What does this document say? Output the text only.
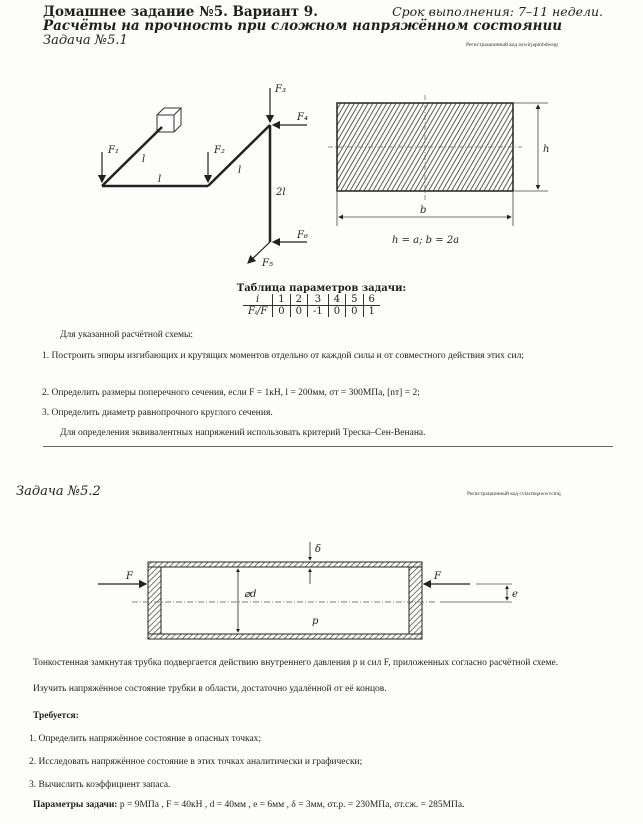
Домашнее задание №5. Вариант 9.	Срок выполнения: 7–11 недели.
Расчёты на прочность при сложном напряжённом состоянии
Задача №5.1	Регистрационный код axwirjapmbdwegr
F₁	F₂
F₃
F₄
F₅
F₆
l
l
l
2l
h
b
h = a; b = 2a
Таблица параметров задачи:
i	1	2	3	4	5	6
Fᵢ/F	0	0	-1	0	0	1
Для указанной расчётной схемы:
1. Построить эпюры изгибающих и крутящих моментов отдельно от каждой силы и от совместного действия этих сил;
2. Определить размеры поперечного сечения, если F = 1кН, l = 200мм, σт = 300МПа, [nт] = 2;
3. Определить диаметр равнопрочного круглого сечения.
Для определения эквивалентных напряжений использовать критерий Треска–Сен-Венана.
Задача №5.2	Регистрационный код cvlacmqawwvcmq
F	F
δ
⌀d
p
e
Тонкостенная замкнутая трубка подвергается действию внутреннего давления p и сил F, приложенных согласно расчётной схеме.
Изучить напряжённое состояние трубки в области, достаточно удалённой от её концов.
Требуется:
1. Определить напряжённое состояние в опасных точках;
2. Исследовать напряжённое состояние в этих точках аналитически и графически;
3. Вычислить коэффициент запаса.
Параметры задачи: p = 9МПа , F = 40кН , d = 40мм , e = 6мм , δ = 3мм, σт.р. = 230МПа, σт.сж. = 285МПа.
